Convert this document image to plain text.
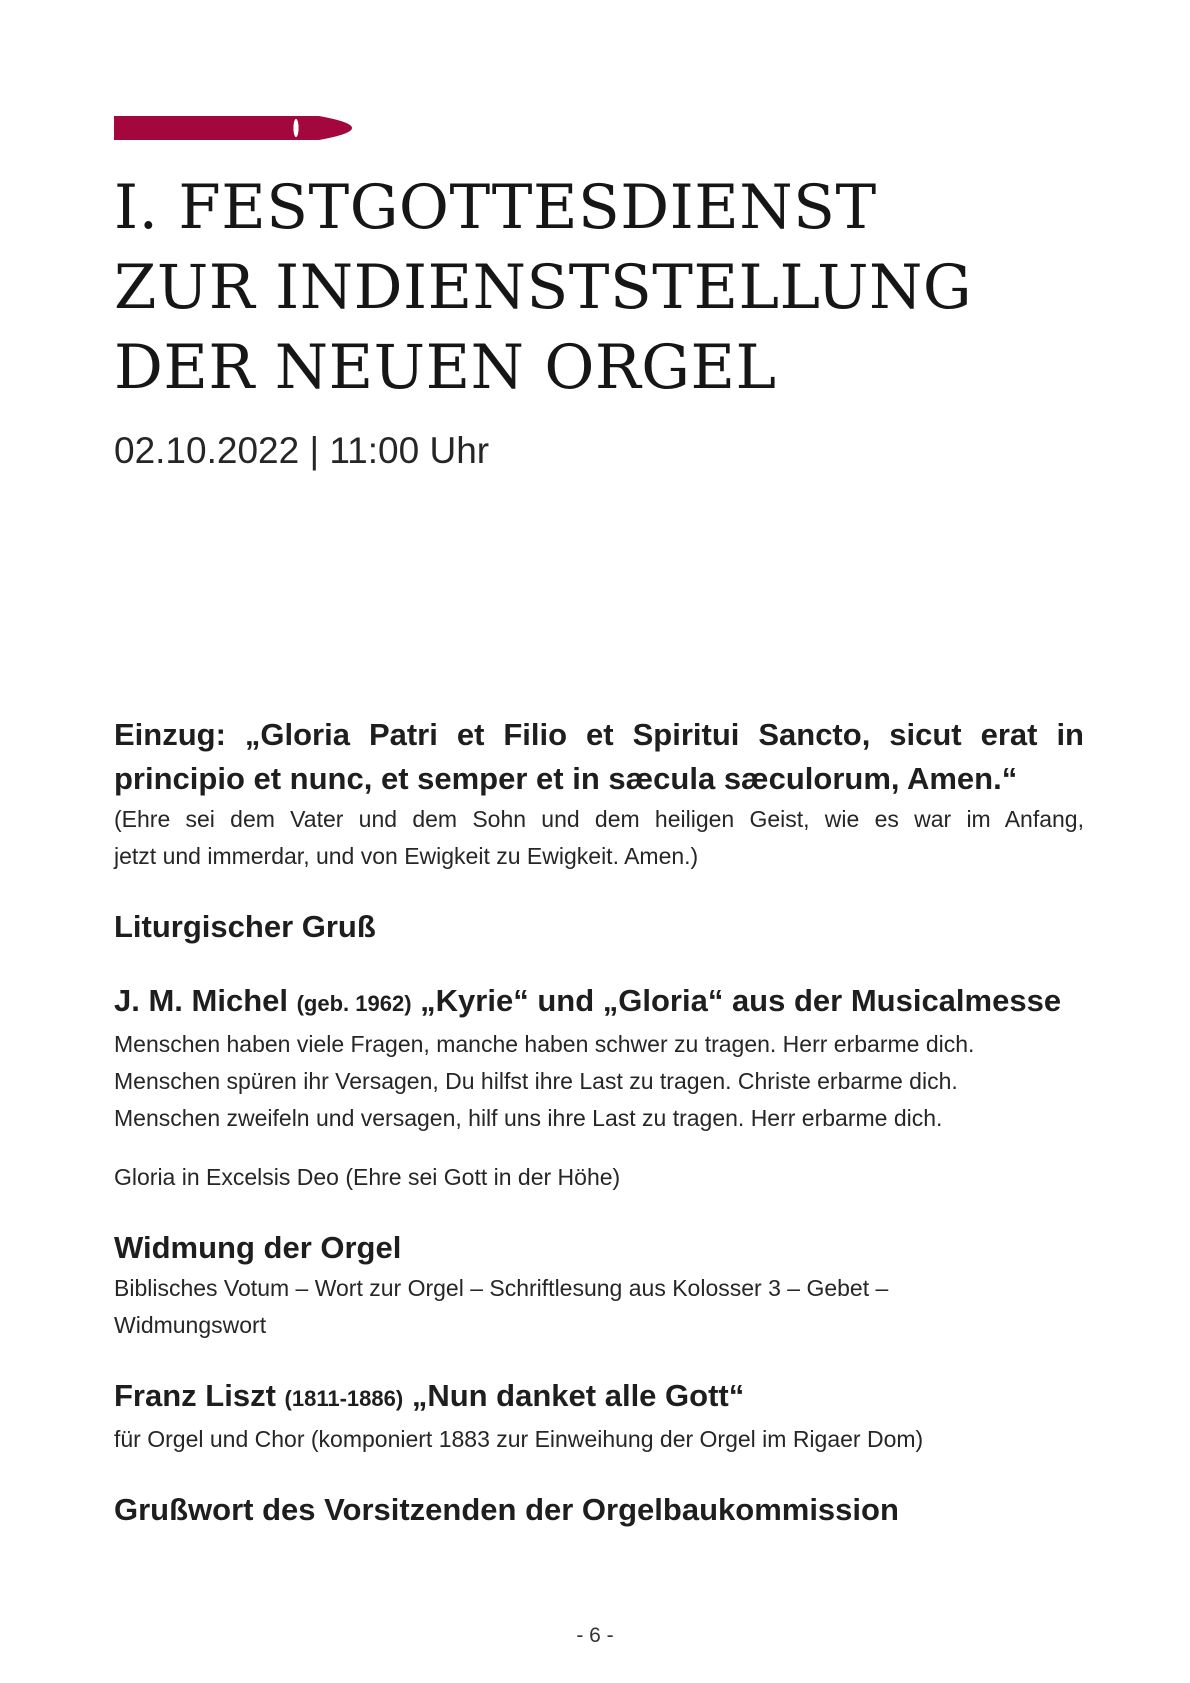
I. FESTGOTTESDIENST
ZUR INDIENSTSTELLUNG
DER NEUEN ORGEL
02.10.2022 | 11:00 Uhr
Einzug: „Gloria Patri et Filio et Spiritui Sancto, sicut erat in
principio et nunc, et semper et in sæcula sæculorum, Amen.“
(Ehre sei dem Vater und dem Sohn und dem heiligen Geist, wie es war im Anfang,
jetzt und immerdar, und von Ewigkeit zu Ewigkeit. Amen.)
Liturgischer Gruß
J. M. Michel (geb. 1962) „Kyrie“ und „Gloria“ aus der Musicalmesse
Menschen haben viele Fragen, manche haben schwer zu tragen. Herr erbarme dich.
Menschen spüren ihr Versagen, Du hilfst ihre Last zu tragen. Christe erbarme dich.
Menschen zweifeln und versagen, hilf uns ihre Last zu tragen. Herr erbarme dich.
Gloria in Excelsis Deo (Ehre sei Gott in der Höhe)
Widmung der Orgel
Biblisches Votum – Wort zur Orgel – Schriftlesung aus Kolosser 3 – Gebet –
Widmungswort
Franz Liszt (1811-1886) „Nun danket alle Gott“
für Orgel und Chor (komponiert 1883 zur Einweihung der Orgel im Rigaer Dom)
Grußwort des Vorsitzenden der Orgelbaukommission
- 6 -
